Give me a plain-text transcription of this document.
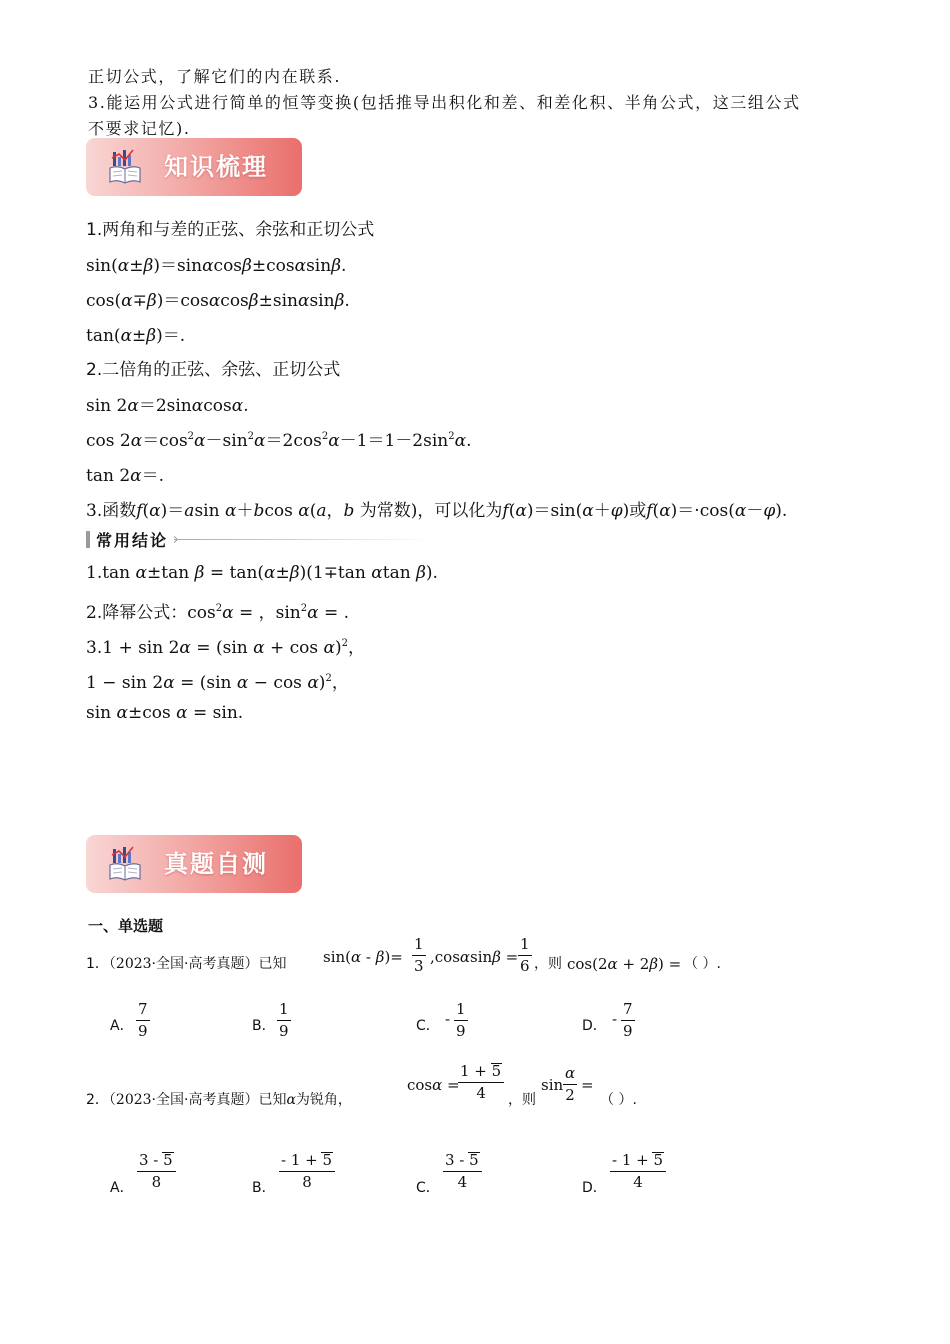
正切公式，了解它们的内在联系.
3.能运用公式进行简单的恒等变换(包括推导出积化和差、和差化积、半角公式，这三组公式
不要求记忆).
知识梳理
1.两角和与差的正弦、余弦和正切公式
sin(α±β)＝sinαcosβ±cosαsinβ.
cos(α∓β)＝cosαcosβ±sinαsinβ.
tan(α±β)＝.
2.二倍角的正弦、余弦、正切公式
sin 2α＝2sinαcosα.
$\cos 2\alpha=\cos^2\alpha-\sin^2\alpha=2\cos^2\alpha-1=1-2\sin^2\alpha$.
tan 2α＝.
3.函数f(α)＝asin α＋bcos α(a，b 为常数)，可以化为f(α)＝sin(α＋φ)或f(α)＝·cos(α－φ).
常用结论
1.tan α±tan β = tan(α±β)(1∓tan αtan β).
2.降幂公式：$\cos^2\alpha$ = ，$\sin^2\alpha$ = .
3.1 + sin 2α = (sin α + cos α)$^2$，
1 − sin 2α = (sin α − cos α)$^2$，
sin α±cos α = sin.
真题自测
一、单选题
1．（2023·全国·高考真题）已知 $\sin(\alpha - \beta)= \frac{1}{3} ,\cos\alpha\sin\beta = \frac{1}{6}$ ，则 cos(2α + 2β) = （ ）.
A． $\frac{7}{9}$	B． $\frac{1}{9}$	C． - $\frac{1}{9}$	D． - $\frac{7}{9}$
2．（2023·全国·高考真题）已知α为锐角，
cosα =
$\frac{1 + 5}{4}$ ，则
$\sin \frac{\alpha}{2}$ =
（ ）.
A． $\frac{3 - 5}{8}$	B． $\frac{- 1 + 5}{8}$	C． $\frac{3 - 5}{4}$	D． $\frac{- 1 + 5}{4}$
